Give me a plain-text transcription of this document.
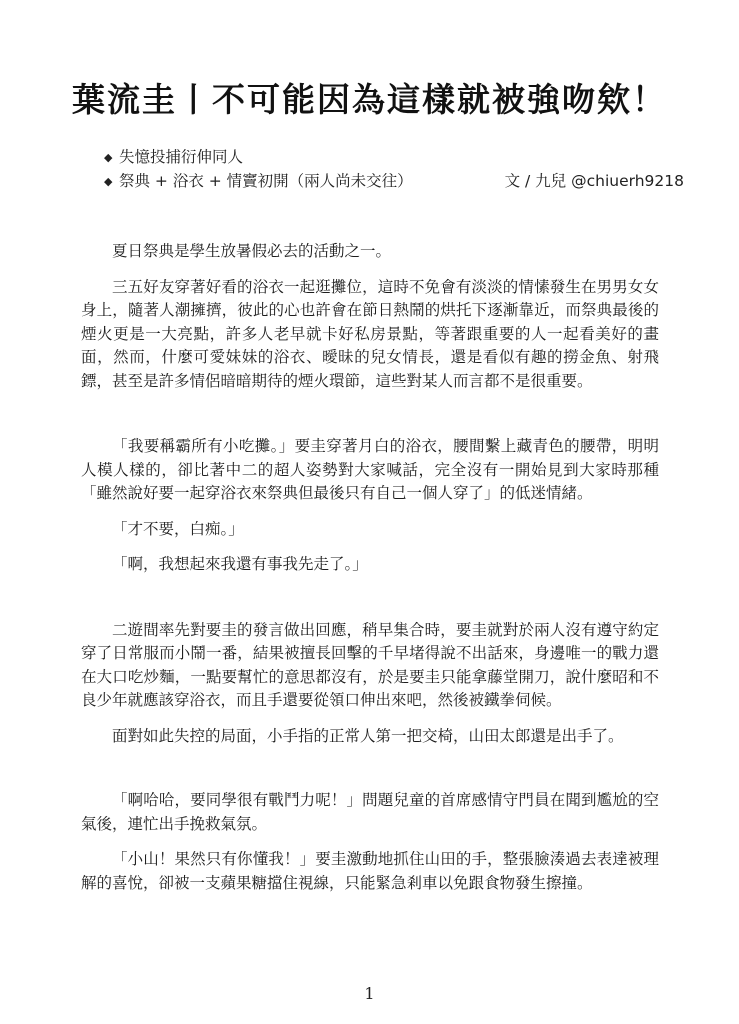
葉流圭丨不可能因為這樣就被強吻欸！
◆ 失憶投捕衍伸同人
◆ 祭典 + 浴衣 + 情竇初開（兩人尚未交往）	文 / 九兒 @chiuerh9218

夏日祭典是學生放暑假必去的活動之一。

三五好友穿著好看的浴衣一起逛攤位，這時不免會有淡淡的情愫發生在男男女女身上，隨著人潮擁擠，彼此的心也許會在節日熱鬧的烘托下逐漸靠近，而祭典最後的煙火更是一大亮點，許多人老早就卡好私房景點，等著跟重要的人一起看美好的畫面，然而，什麼可愛妹妹的浴衣、曖昧的兒女情長，還是看似有趣的撈金魚、射飛鏢，甚至是許多情侶暗暗期待的煙火環節，這些對某人而言都不是很重要。

「我要稱霸所有小吃攤。」要圭穿著月白的浴衣，腰間繫上藏青色的腰帶，明明人模人樣的，卻比著中二的超人姿勢對大家喊話，完全沒有一開始見到大家時那種「雖然說好要一起穿浴衣來祭典但最後只有自己一個人穿了」的低迷情緒。

「才不要，白痴。」

「啊，我想起來我還有事我先走了。」

二遊間率先對要圭的發言做出回應，稍早集合時，要圭就對於兩人沒有遵守約定穿了日常服而小鬧一番，結果被擅長回擊的千早堵得說不出話來，身邊唯一的戰力還在大口吃炒麵，一點要幫忙的意思都沒有，於是要圭只能拿藤堂開刀，說什麼昭和不良少年就應該穿浴衣，而且手還要從領口伸出來吧，然後被鐵拳伺候。

面對如此失控的局面，小手指的正常人第一把交椅，山田太郎還是出手了。

「啊哈哈，要同學很有戰鬥力呢！」問題兒童的首席感情守門員在聞到尷尬的空氣後，連忙出手挽救氣氛。

「小山！果然只有你懂我！」要圭激動地抓住山田的手，整張臉湊過去表達被理解的喜悅，卻被一支蘋果糖擋住視線，只能緊急剎車以免跟食物發生擦撞。

1
